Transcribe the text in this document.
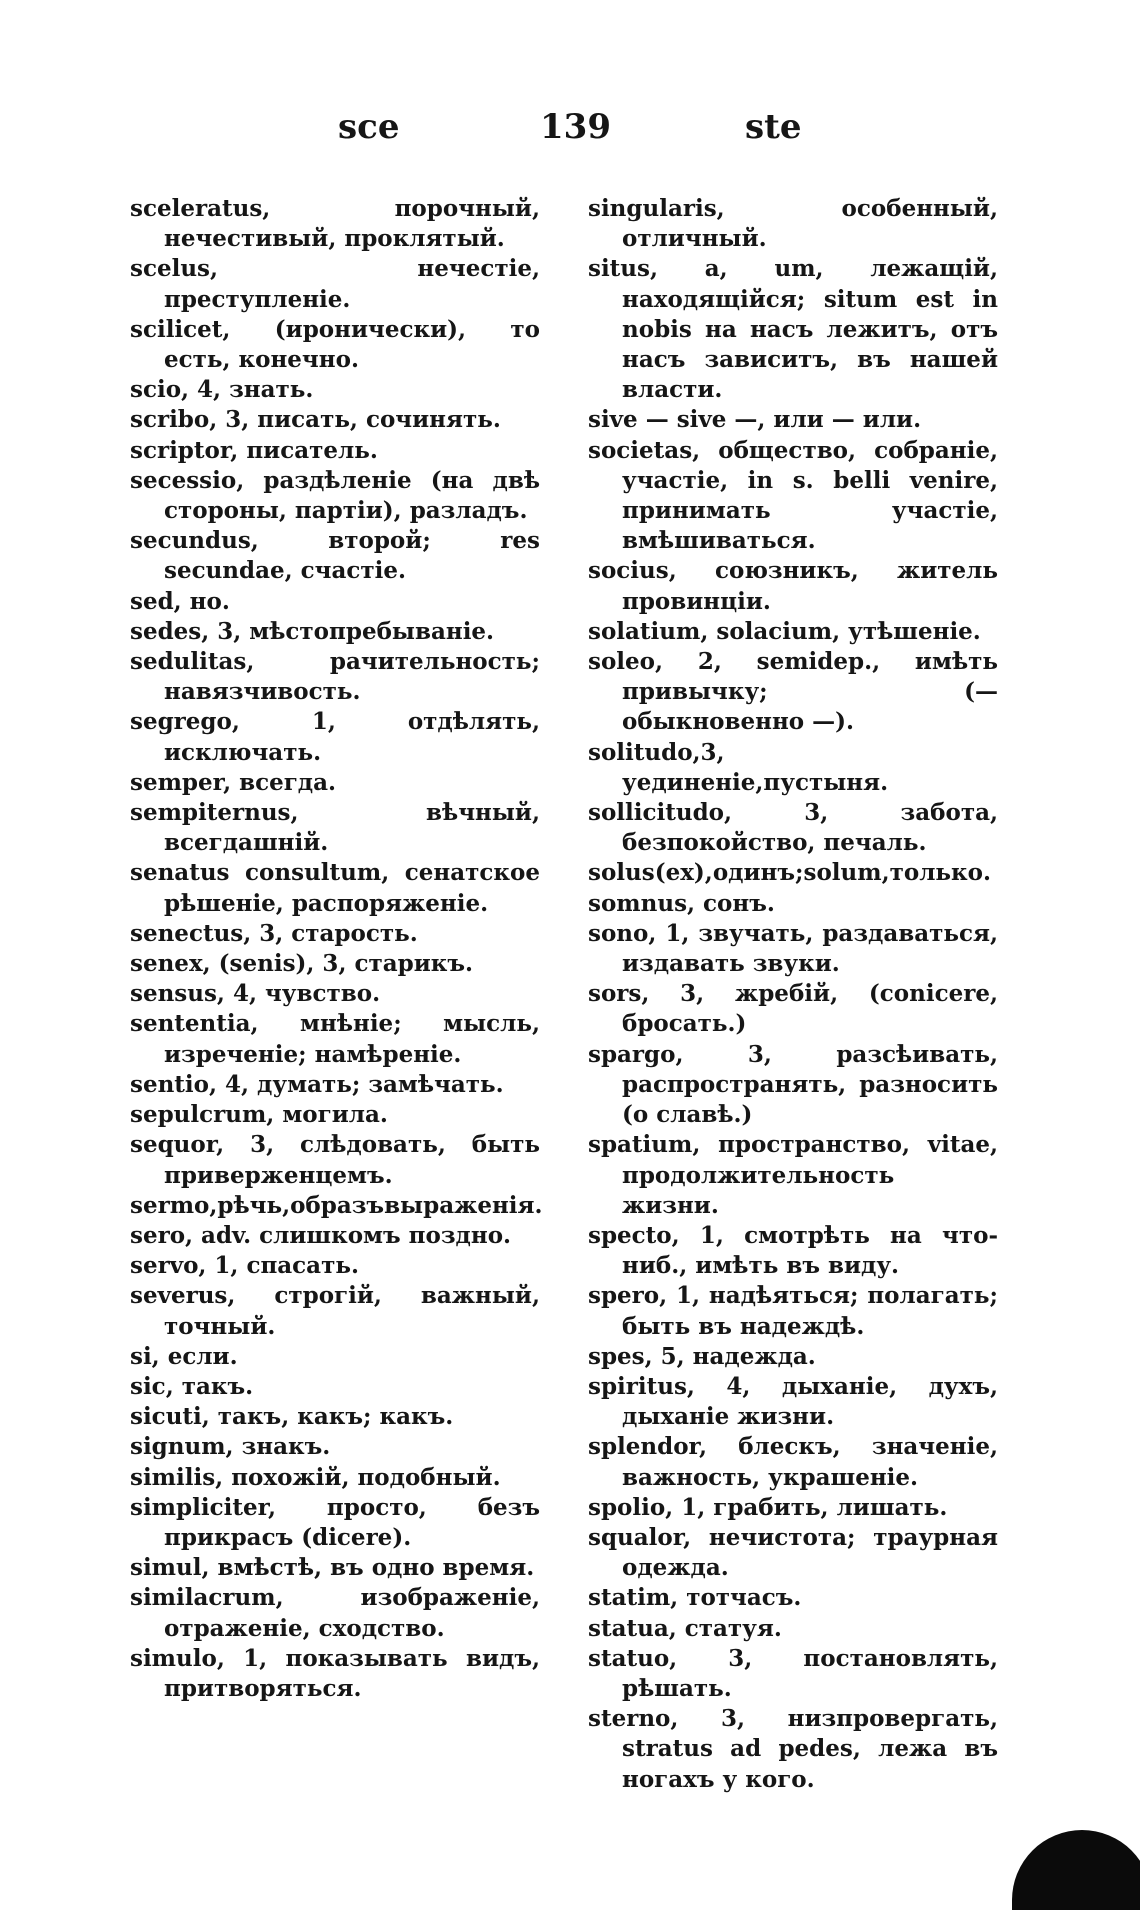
sce	139	ste
sceleratus, порочный, нечестивый, проклятый.
scelus, нечестіе, преступленіе.
scilicet, (иронически), то есть, конечно.
scio, 4, знать.
scribo, 3, писать, сочинять.
scriptor, писатель.
secessio, раздѣленіе (на двѣ стороны, партіи), разладъ.
secundus, второй; res secundae, счастіе.
sed, но.
sedes, 3, мѣстопребываніе.
sedulitas, рачительность; навязчивость.
segrego, 1, отдѣлять, исключать.
semper, всегда.
sempiternus, вѣчный, всегдашній.
senatus consultum, сенатское рѣшеніе, распоряженіе.
senectus, 3, старость.
senex, (senis), 3, старикъ.
sensus, 4, чувство.
sententia, мнѣніе; мысль, изреченіе; намѣреніе.
sentio, 4, думать; замѣчать.
sepulcrum, могила.
sequor, 3, слѣдовать, быть приверженцемъ.
sermo,рѣчь,образъвыраженія.
sero, adv. слишкомъ поздно.
servo, 1, спасать.
severus, строгій, важный, точный.
si, если.
sic, такъ.
sicuti, такъ, какъ; какъ.
signum, знакъ.
similis, похожій, подобный.
simpliciter, просто, безъ прикрасъ (dicere).
simul, вмѣстѣ, въ одно время.
similacrum, изображеніе, отраженіе, сходство.
simulo, 1, показывать видъ, притворяться.
singularis, особенный, отличный.
situs, a, um, лежащій, находящійся; situm est in nobis на насъ лежитъ, отъ насъ зависитъ, въ нашей власти.
sive — sive —, или — или.
societas, общество, собраніе, участіе, in s. belli venire, принимать участіе, вмѣшиваться.
socius, союзникъ, житель провинціи.
solatium, solacium, утѣшеніе.
soleo, 2, semidep., имѣть привычку; (— обыкновенно —).
solitudo,3, уединеніе,пустыня.
sollicitudo, 3, забота, безпокойство, печаль.
solus(ex),одинъ;solum,только.
somnus, сонъ.
sono, 1, звучать, раздаваться, издавать звуки.
sors, 3, жребій, (conicere, бросать.)
spargo, 3, разсѣивать, распространять, разносить (о славѣ.)
spatium, пространство, vitae, продолжительность жизни.
specto, 1, смотрѣть на что-ниб., имѣть въ виду.
spero, 1, надѣяться; полагать; быть въ надеждѣ.
spes, 5, надежда.
spiritus, 4, дыханіе, духъ, дыханіе жизни.
splendor, блескъ, значеніе, важность, украшеніе.
spolio, 1, грабить, лишать.
squalor, нечистота; траурная одежда.
statim, тотчасъ.
statua, статуя.
statuo, 3, постановлять, рѣшать.
sterno, 3, низпровергать, stratus ad pedes, лежа въ ногахъ у кого.
